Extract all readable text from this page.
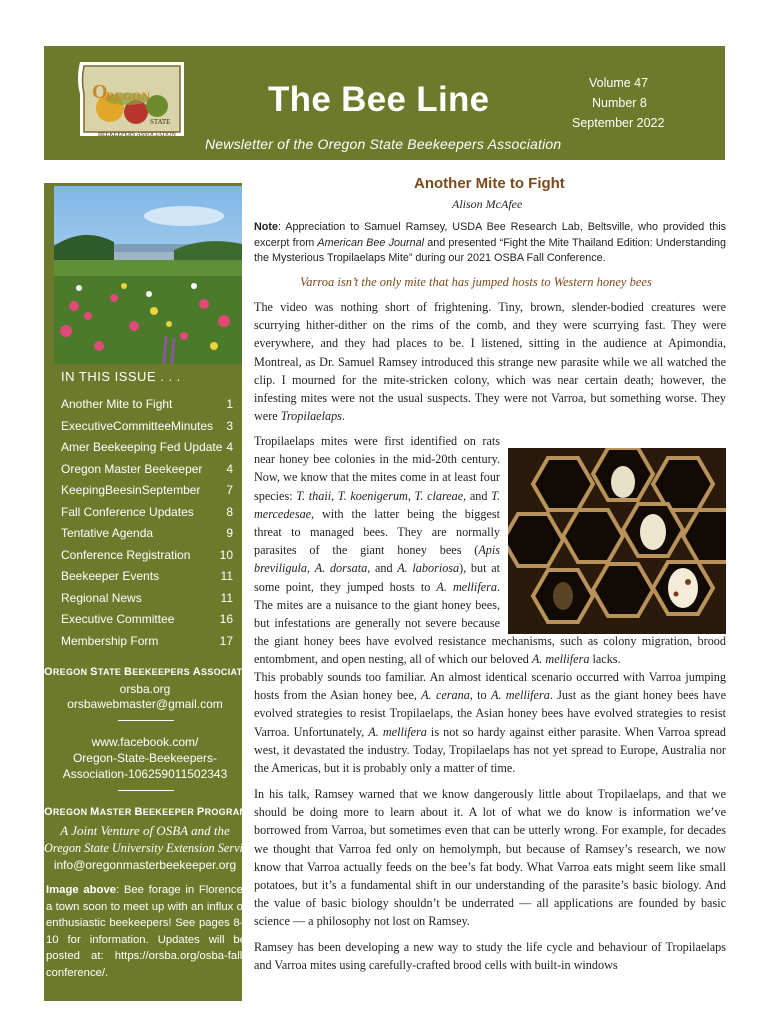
O
REGON
STATE
BEEKEEPERS ASSOCIATION
The Bee Line	Volume 47
Number 8
September 2022
Newsletter of the Oregon State Beekeepers Association
IN THIS ISSUE . . .
Another Mite to Fight	1
ExecutiveCommitteeMinutes 3
Amer Beekeeping Fed Update 4
Oregon Master Beekeeper 4
KeepingBeesinSeptember 7
Fall Conference Updates	8
Tentative Agenda	9
Conference Registration 10
Beekeeper Events	11
Regional News	11
Executive Committee	16
Membership Form	17
OREGON STATE BEEKEEPERS ASSOCIATION
orsba.org
orsbawebmaster@gmail.com
www.facebook.com/
Oregon-State-Beekeepers-
Association-106259011502343
OREGON MASTER BEEKEEPER PROGRAM
A Joint Venture of OSBA and the
Oregon State University Extension Service
info@oregonmasterbeekeeper.org
Image above: Bee forage in Florence, a town soon to meet up with an influx of enthusiastic beekeepers! See pages 8–10 for information. Updates will be posted at: https://orsba.org/osba-fall-conference/.
Another Mite to Fight
Alison McAfee
Note: Appreciation to Samuel Ramsey, USDA Bee Research Lab, Beltsville, who provided this excerpt from American Bee Journal and presented “Fight the Mite Thailand Edition: Understanding the Mysterious Tropilaelaps Mite” during our 2021 OSBA Fall Conference.
Varroa isn’t the only mite that has jumped hosts to Western honey bees
The video was nothing short of frightening. Tiny, brown, slender-bodied creatures were scurrying hither-dither on the rims of the comb, and they were scurrying fast. They were everywhere, and they had places to be. I listened, sitting in the audience at Apimondia, Montreal, as Dr. Samuel Ramsey introduced this strange new parasite while we all watched the clip. I mourned for the mite-stricken colony, which was near certain death; however, the infesting mites were not the usual suspects. They were not Varroa, but something worse. They were Tropilaelaps.
Tropilaelaps mites were first identified on rats near honey bee colonies in the mid-20th century. Now, we know that the mites come in at least four species: T. thaii, T. koenigerum, T. clareae, and T. mercedesae, with the latter being the biggest threat to managed bees. They are normally parasites of the giant honey bees (Apis breviligula, A. dorsata, and A. laboriosa), but at some point, they jumped hosts to A. mellifera. The mites are a nuisance to the giant honey bees, but infestations are generally not severe because the giant honey bees have evolved resistance mechanisms, such as colony migration, brood entombment, and open nesting, all of which our beloved A. mellifera lacks.
This probably sounds too familiar. An almost identical scenario occurred with Varroa jumping hosts from the Asian honey bee, A. cerana, to A. mellifera. Just as the giant honey bees have evolved strategies to resist Tropilaelaps, the Asian honey bees have evolved strategies to resist Varroa. Unfortunately, A. mellifera is not so hardy against either parasite. When Varroa spread west, it devastated the industry. Today, Tropilaelaps has not yet spread to Europe, Australia nor the Americas, but it is probably only a matter of time.
In his talk, Ramsey warned that we know dangerously little about Tropilaelaps, and that we should be doing more to learn about it. A lot of what we do know is information we’ve borrowed from Varroa, but sometimes even that can be utterly wrong. For example, for decades we thought that Varroa fed only on hemolymph, but because of Ramsey’s research, we now know that Varroa actually feeds on the bee’s fat body. What Varroa eats might seem like small potatoes, but it’s a fundamental shift in our understanding of the parasite’s basic biology. And the value of basic biology shouldn’t be underrated — all applications are founded by basic science — a philosophy not lost on Ramsey.
Ramsey has been developing a new way to study the life cycle and behaviour of Tropilaelaps and Varroa mites using carefully-crafted brood cells with built-in windows
